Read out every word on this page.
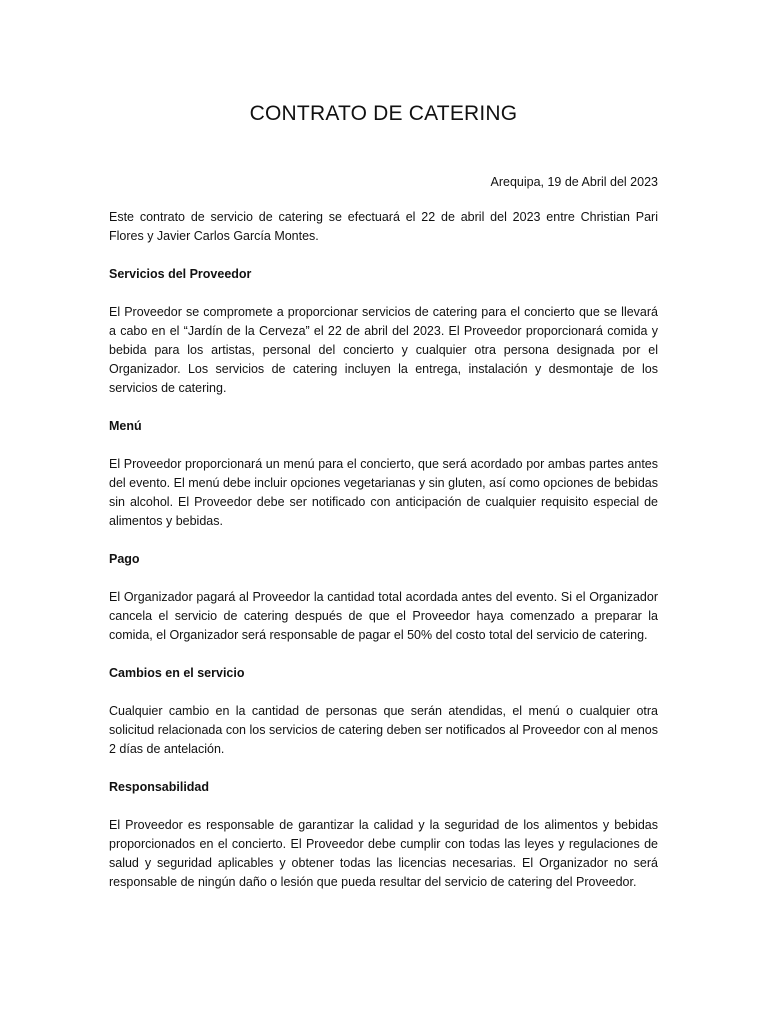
CONTRATO DE CATERING

Arequipa, 19 de Abril del 2023

Este contrato de servicio de catering se efectuará el 22 de abril del 2023 entre Christian Pari Flores y Javier Carlos García Montes.

Servicios del Proveedor

El Proveedor se compromete a proporcionar servicios de catering para el concierto que se llevará a cabo en el “Jardín de la Cerveza” el 22 de abril del 2023. El Proveedor proporcionará comida y bebida para los artistas, personal del concierto y cualquier otra persona designada por el Organizador. Los servicios de catering incluyen la entrega, instalación y desmontaje de los servicios de catering.

Menú

El Proveedor proporcionará un menú para el concierto, que será acordado por ambas partes antes del evento. El menú debe incluir opciones vegetarianas y sin gluten, así como opciones de bebidas sin alcohol. El Proveedor debe ser notificado con anticipación de cualquier requisito especial de alimentos y bebidas.

Pago

El Organizador pagará al Proveedor la cantidad total acordada antes del evento. Si el Organizador cancela el servicio de catering después de que el Proveedor haya comenzado a preparar la comida, el Organizador será responsable de pagar el 50% del costo total del servicio de catering.

Cambios en el servicio

Cualquier cambio en la cantidad de personas que serán atendidas, el menú o cualquier otra solicitud relacionada con los servicios de catering deben ser notificados al Proveedor con al menos 2 días de antelación.

Responsabilidad

El Proveedor es responsable de garantizar la calidad y la seguridad de los alimentos y bebidas proporcionados en el concierto. El Proveedor debe cumplir con todas las leyes y regulaciones de salud y seguridad aplicables y obtener todas las licencias necesarias. El Organizador no será responsable de ningún daño o lesión que pueda resultar del servicio de catering del Proveedor.
